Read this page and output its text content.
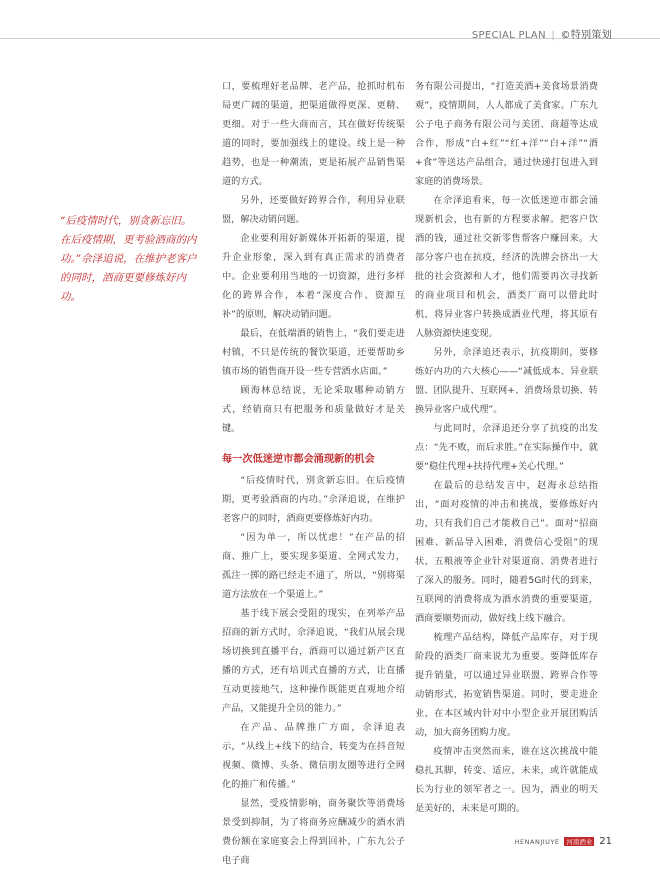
SPECIAL PLAN | ©特别策划
“后疫情时代，别贪新忘旧。在后疫情期，更考验酒商的内功。”佘泽追说，在维护老客户的同时，酒商更要修炼好内功。

口，要梳理好老品牌、老产品，抢抓时机布局更广阔的渠道，把渠道做得更深、更精、更细。对于一些大商而言，其在做好传统渠道的同时，要加强线上的建设。线上是一种趋势，也是一种潮流，更是拓展产品销售渠道的方式。

另外，还要做好跨界合作，利用异业联盟，解决动销问题。

企业要利用好新媒体开拓新的渠道，提升企业形象，深入到有真正需求的消费者中。企业要利用当地的一切资源，进行多样化的跨界合作，本着“深度合作、资源互补”的原则，解决动销问题。

最后，在低端酒的销售上，“我们要走进村镇，不只是传统的餐饮渠道，还要帮助乡镇市场的销售商开设一些专营酒水店面。”

顾海林总结说，无论采取哪种动销方式，经销商只有把服务和质量做好才是关键。

每一次低迷逆市都会涌现新的机会

“后疫情时代，别贪新忘旧。在后疫情期，更考验酒商的内功。”佘泽追说，在维护老客户的同时，酒商更要修炼好内功。

“因为单一，所以忧虑！”在产品的招商、推广上，要实现多渠道、全网式发力，孤注一掷的路已经走不通了，所以，“别将渠道方法放在一个渠道上。”

基于线下展会受阻的现实，在列举产品招商的新方式时，佘泽追说，“我们从展会现场切换到直播平台，酒商可以通过新产区直播的方式，还有培训式直播的方式，让直播互动更接地气，这种操作既能更直观地介绍产品，又能提升全员的能力。”

在产品、品牌推广方面，佘泽追表示，“从线上+线下的结合，转变为在抖音短视频、微博、头条、微信朋友圈等进行全网化的推广和传播。”

显然，受疫情影响，商务聚饮等消费场景受到抑制，为了将商务应酬减少的酒水消费份额在家庭宴会上得到回补，广东九公子电子商

务有限公司提出，“打造美酒+美食场景消费观”，疫情期间，人人都成了美食家。广东九公子电子商务有限公司与美团、商超等达成合作，形成“白+红”“红+洋”“白+洋”“酒+食”等送达产品组合，通过快递打包进入到家庭的消费场景。

在佘泽追看来，每一次低迷逆市都会涌现新机会，也有新的方程要求解。把客户饮酒的钱，通过社交新零售帮客户赚回来。大部分客户也在抗疫，经济的洗牌会挤出一大批的社会资源和人才，他们需要再次寻找新的商业项目和机会，酒类厂商可以借此时机，将异业客户转换成酒业代理，将其原有人脉资源快速变现。

另外，佘泽追还表示，抗疫期间，要修炼好内功的六大核心——“减低成本、异业联盟、团队提升、互联网+、消费场景切换、转换异业客户成代理”。

与此同时，佘泽追还分享了抗疫的出发点：“先不败，而后求胜。”在实际操作中，就要“稳住代理+扶持代理+关心代理。”

在最后的总结发言中，赵海永总结指出，“面对疫情的冲击和挑战，要修炼好内功，只有我们自己才能救自己”。面对“招商困难、新品导入困难，消费信心受阻”的现状，五粮液等企业针对渠道商、消费者进行了深入的服务。同时，随着5G时代的到来，互联网的消费将成为酒水消费的重要渠道，酒商要顺势而动，做好线上线下融合。

梳理产品结构，降低产品库存，对于现阶段的酒类厂商来说尤为重要。要降低库存提升销量，可以通过异业联盟、跨界合作等动销形式，拓宽销售渠道。同时，要走进企业，在本区域内针对中小型企业开展团购活动，加大商务团购力度。

疫情冲击突然而来，谁在这次挑战中能稳扎其脚，转变、适应，未来，或许就能成长为行业的领军者之一。因为，酒业的明天是美好的，未来是可期的。

HENANJIUYE 河南酒业 21
